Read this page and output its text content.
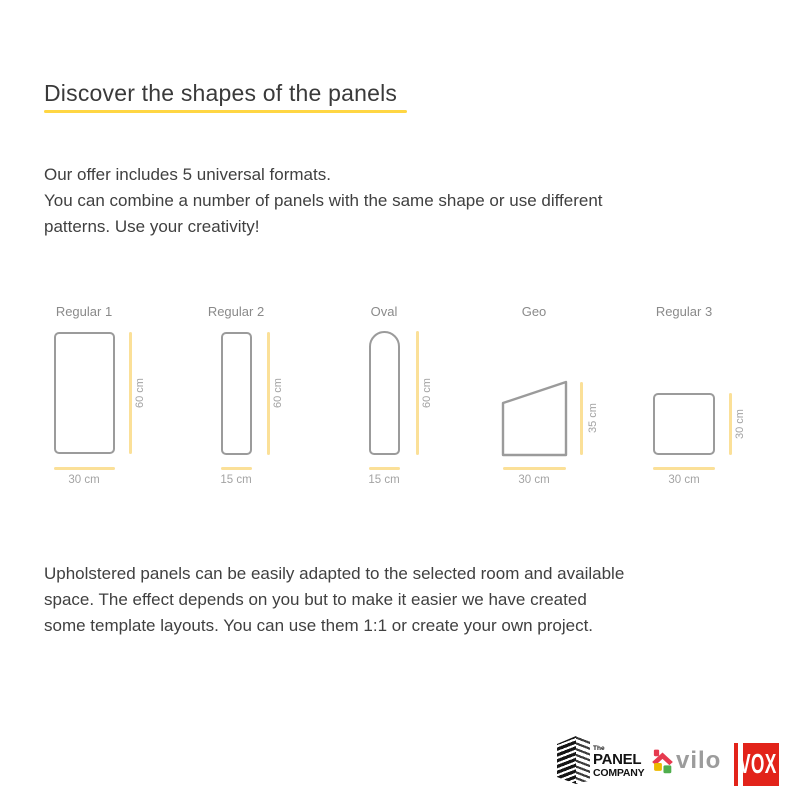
Discover the shapes of the panels
Our offer includes 5 universal formats.
You can combine a number of panels with the same shape or use different
patterns. Use your creativity!
Regular 1
60 cm
30 cm
Regular 2
60 cm
15 cm
Oval
60 cm
15 cm
Geo
35 cm
30 cm
Regular 3
30 cm
30 cm
Upholstered panels can be easily adapted to the selected room and available
space. The effect depends on you but to make it easier we have created
some template layouts. You can use them 1:1 or create your own project.
The
PANEL
COMPANY vilo VOX
